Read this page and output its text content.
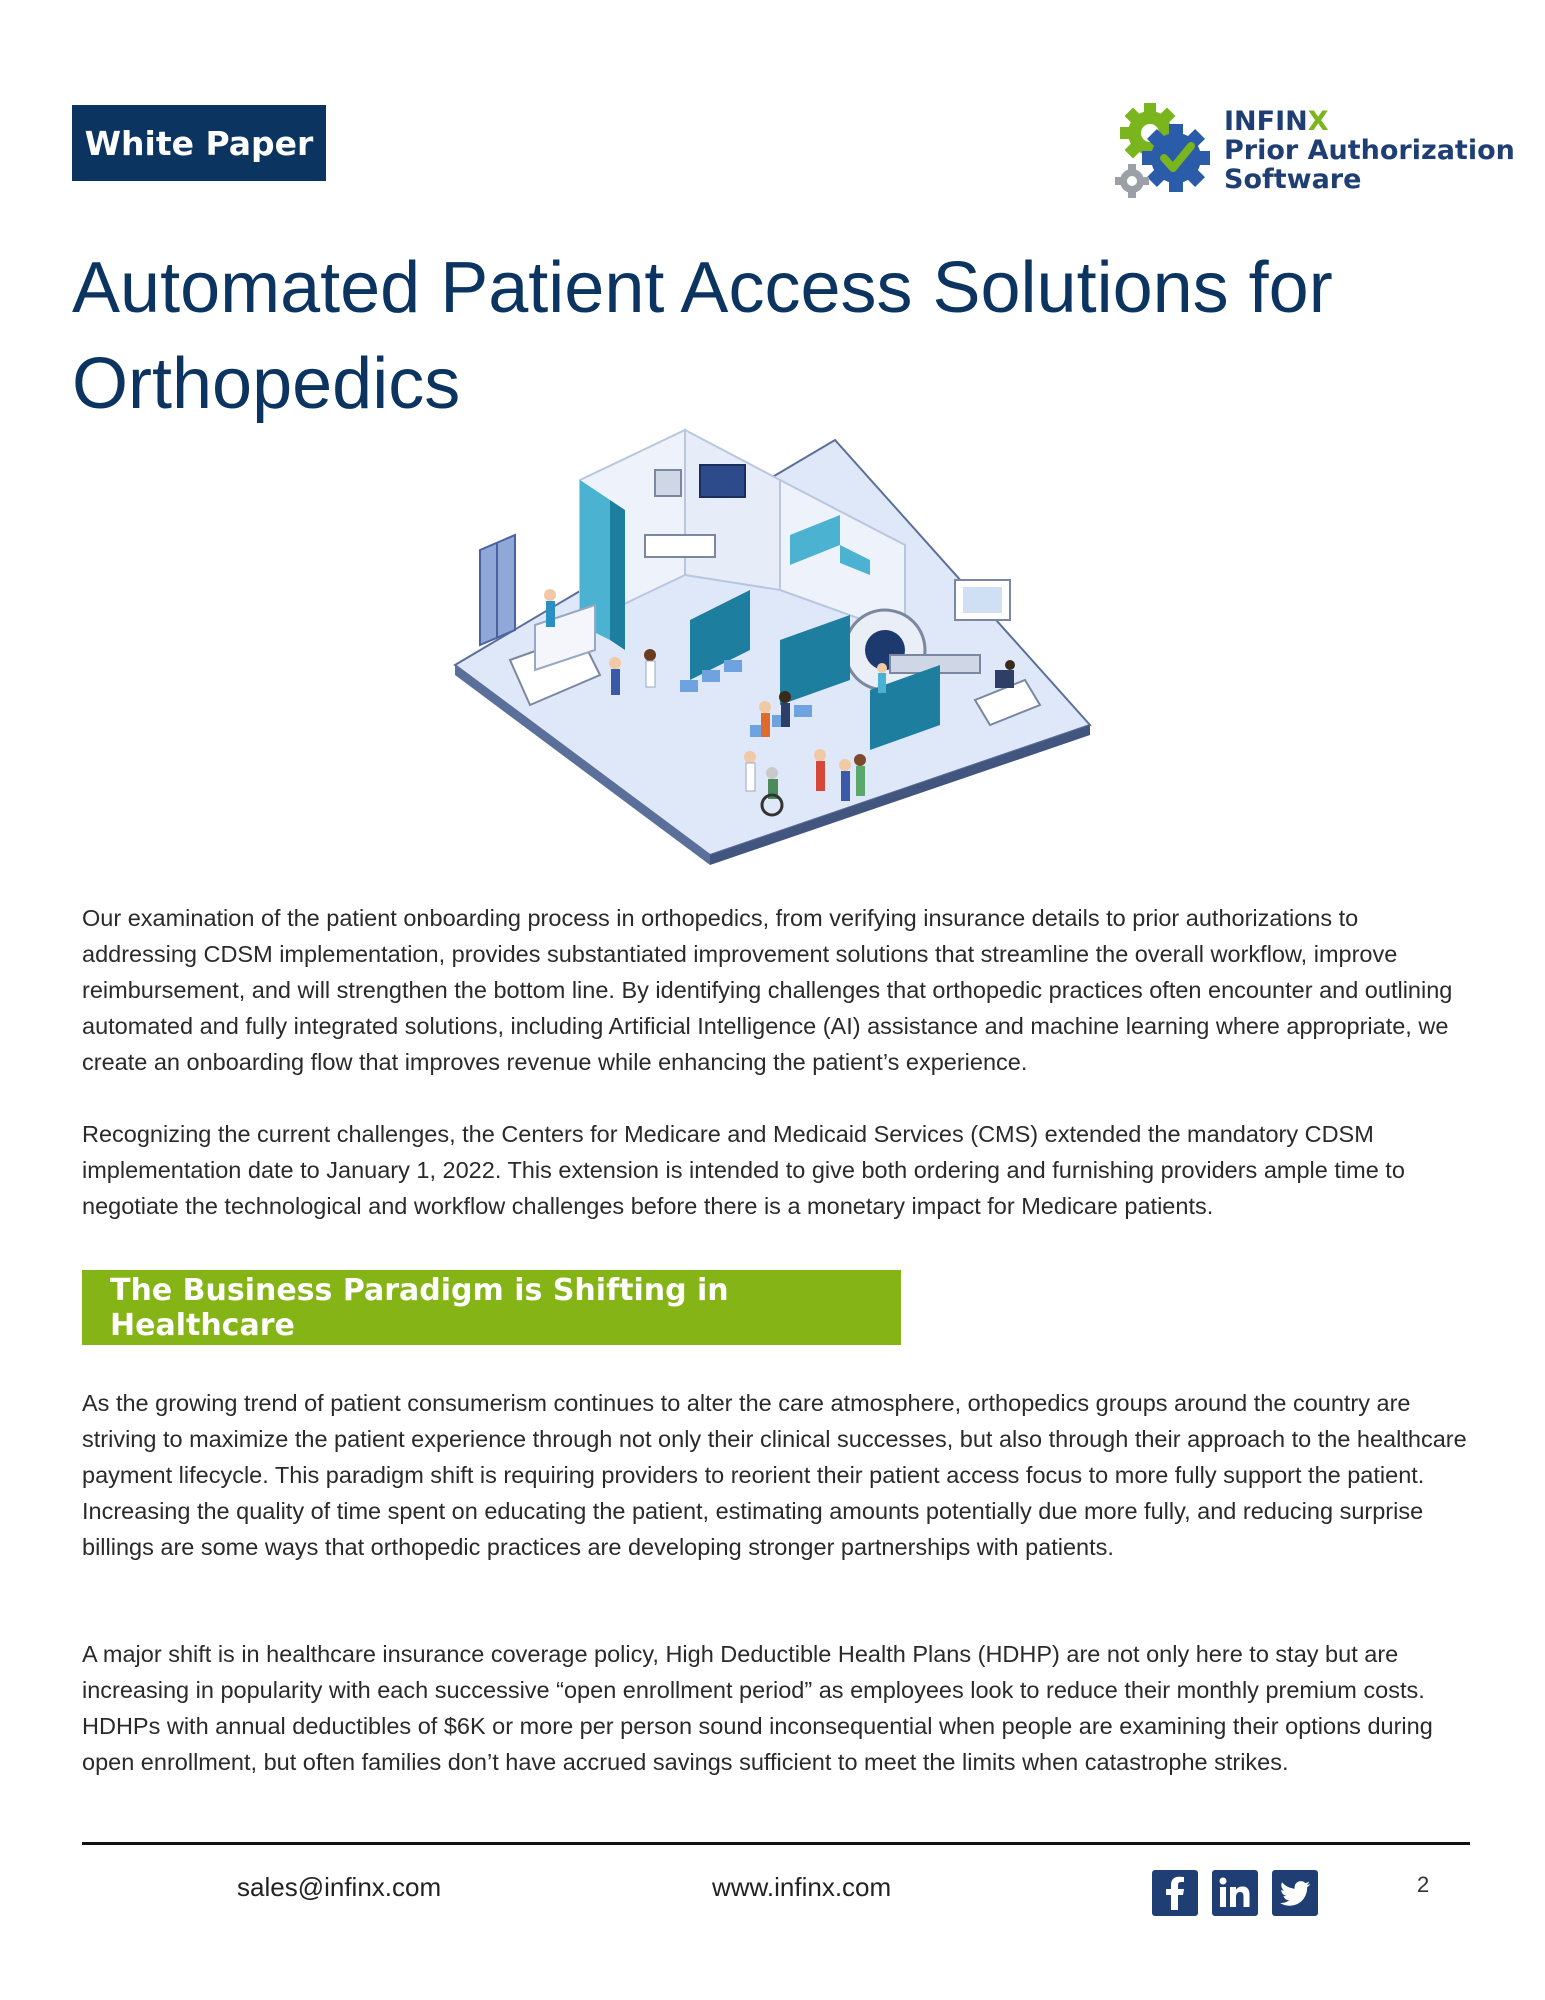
White Paper
INFINX
Prior Authorization
Software
Automated Patient Access Solutions for
Orthopedics

Our examination of the patient onboarding process in orthopedics, from verifying insurance details to prior authorizations to addressing CDSM implementation, provides substantiated improvement solutions that streamline the overall workflow, improve reimbursement, and will strengthen the bottom line. By identifying challenges that orthopedic practices often encounter and outlining automated and fully integrated solutions, including Artificial Intelligence (AI) assistance and machine learning where appropriate, we create an onboarding flow that improves revenue while enhancing the patient’s experience.

Recognizing the current challenges, the Centers for Medicare and Medicaid Services (CMS) extended the mandatory CDSM implementation date to January 1, 2022. This extension is intended to give both ordering and furnishing providers ample time to negotiate the technological and workflow challenges before there is a monetary impact for Medicare patients.

The Business Paradigm is Shifting in Healthcare

As the growing trend of patient consumerism continues to alter the care atmosphere, orthopedics groups around the country are striving to maximize the patient experience through not only their clinical successes, but also through their approach to the healthcare payment lifecycle. This paradigm shift is requiring providers to reorient their patient access focus to more fully support the patient. Increasing the quality of time spent on educating the patient, estimating amounts potentially due more fully, and reducing surprise billings are some ways that orthopedic practices are developing stronger partnerships with patients.

A major shift is in healthcare insurance coverage policy, High Deductible Health Plans (HDHP) are not only here to stay but are increasing in popularity with each successive “open enrollment period” as employees look to reduce their monthly premium costs. HDHPs with annual deductibles of $6K or more per person sound inconsequential when people are examining their options during open enrollment, but often families don’t have accrued savings sufficient to meet the limits when catastrophe strikes.

sales@infinx.com	www.infinx.com	2
